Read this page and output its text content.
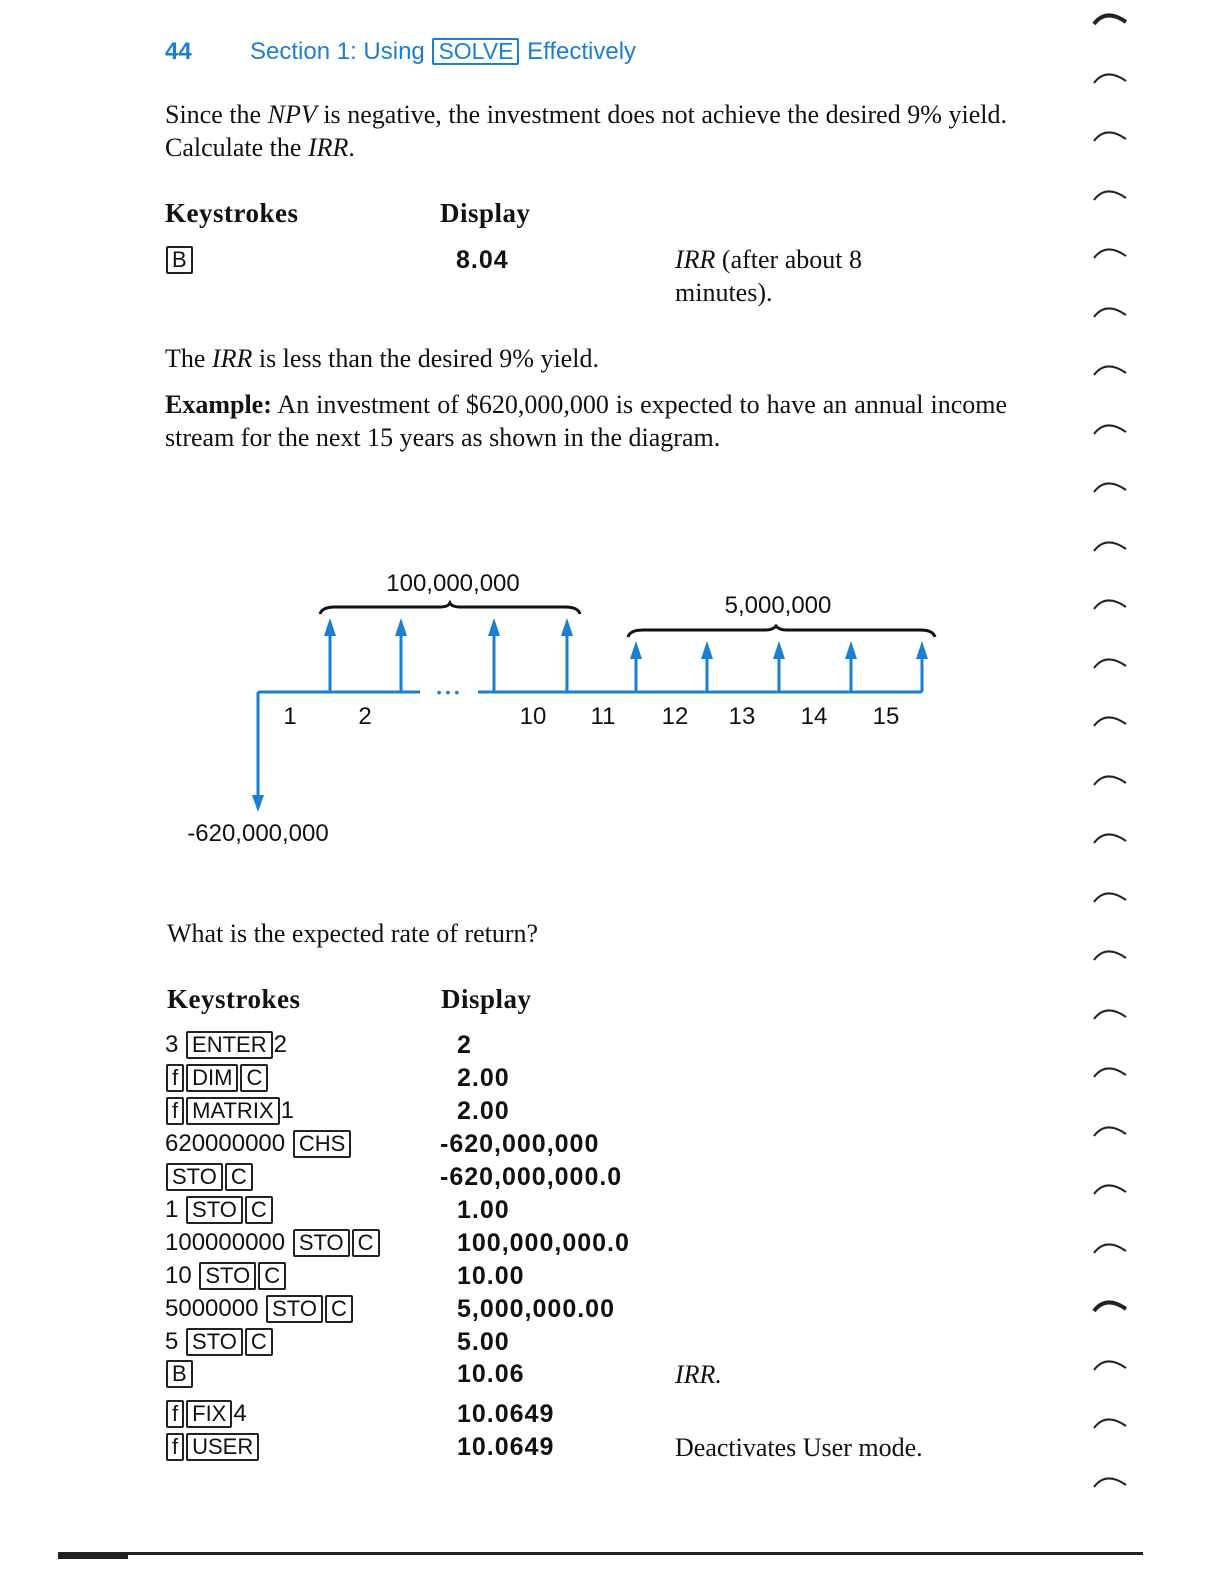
44 Section 1: Using SOLVE Effectively
Since the NPV is negative, the investment does not achieve the desired 9% yield. Calculate the IRR.
Keystrokes	Display
B	8.04	IRR (after about 8 minutes).
The IRR is less than the desired 9% yield.
Example: An investment of $620,000,000 is expected to have an annual income stream for the next 15 years as shown in the diagram.
• • •
100,000,000
5,000,000
-620,000,000
1	2	10 11 12 13 14 15
What is the expected rate of return?
Keystrokes	Display
3 ENTER 2	2
f DIM C	2.00
f MATRIX 1	2.00
620000000 CHS	-620,000,000
STO C	-620,000,000.0
1 STO C	1.00
100000000 STO C	100,000,000.0
10 STO C	10.00
5000000 STO C	5,000,000.00
5 STO C	5.00
B	10.06	IRR.
f FIX 4	10.0649
f USER	10.0649	Deactivates User mode.
